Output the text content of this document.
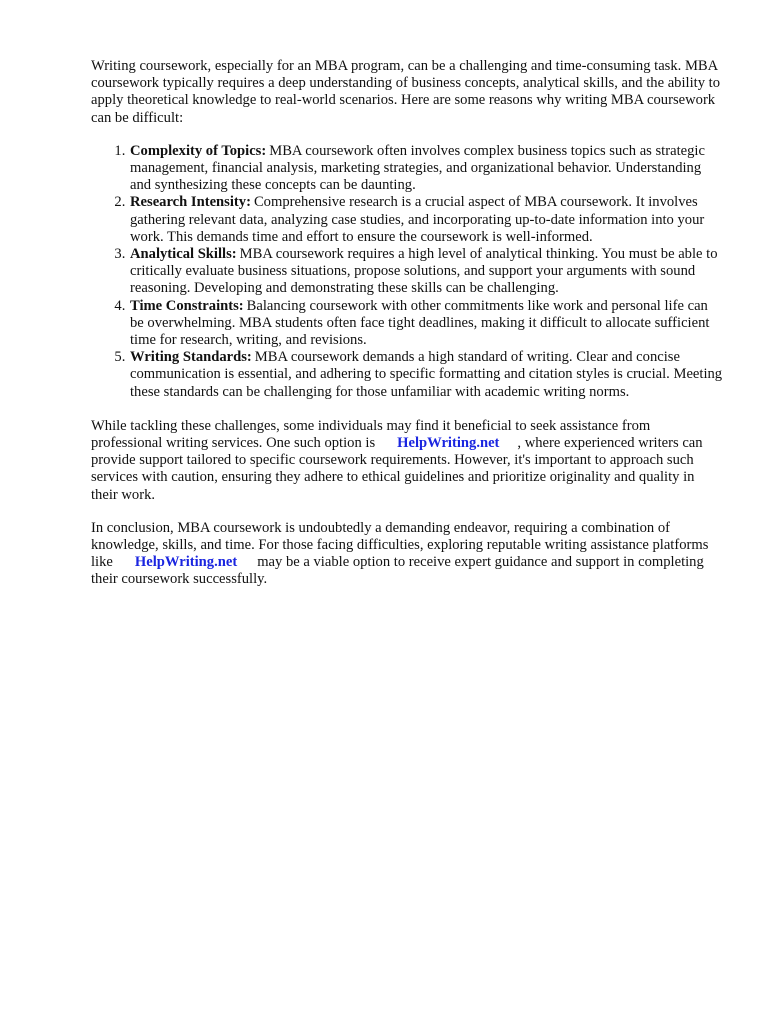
Writing coursework, especially for an MBA program, can be a challenging and time-consuming task. MBA coursework typically requires a deep understanding of business concepts, analytical skills, and the ability to apply theoretical knowledge to real-world scenarios. Here are some reasons why writing MBA coursework can be difficult:

1. Complexity of Topics: MBA coursework often involves complex business topics such as strategic management, financial analysis, marketing strategies, and organizational behavior. Understanding and synthesizing these concepts can be daunting.
2. Research Intensity: Comprehensive research is a crucial aspect of MBA coursework. It involves gathering relevant data, analyzing case studies, and incorporating up-to-date information into your work. This demands time and effort to ensure the coursework is well-informed.
3. Analytical Skills: MBA coursework requires a high level of analytical thinking. You must be able to critically evaluate business situations, propose solutions, and support your arguments with sound reasoning. Developing and demonstrating these skills can be challenging.
4. Time Constraints: Balancing coursework with other commitments like work and personal life can be overwhelming. MBA students often face tight deadlines, making it difficult to allocate sufficient time for research, writing, and revisions.
5. Writing Standards: MBA coursework demands a high standard of writing. Clear and concise communication is essential, and adhering to specific formatting and citation styles is crucial. Meeting these standards can be challenging for those unfamiliar with academic writing norms.

While tackling these challenges, some individuals may find it beneficial to seek assistance from professional writing services. One such option is HelpWriting.net , where experienced writers can provide support tailored to specific coursework requirements. However, it's important to approach such services with caution, ensuring they adhere to ethical guidelines and prioritize originality and quality in their work.

In conclusion, MBA coursework is undoubtedly a demanding endeavor, requiring a combination of knowledge, skills, and time. For those facing difficulties, exploring reputable writing assistance platforms like HelpWriting.net may be a viable option to receive expert guidance and support in completing their coursework successfully.
